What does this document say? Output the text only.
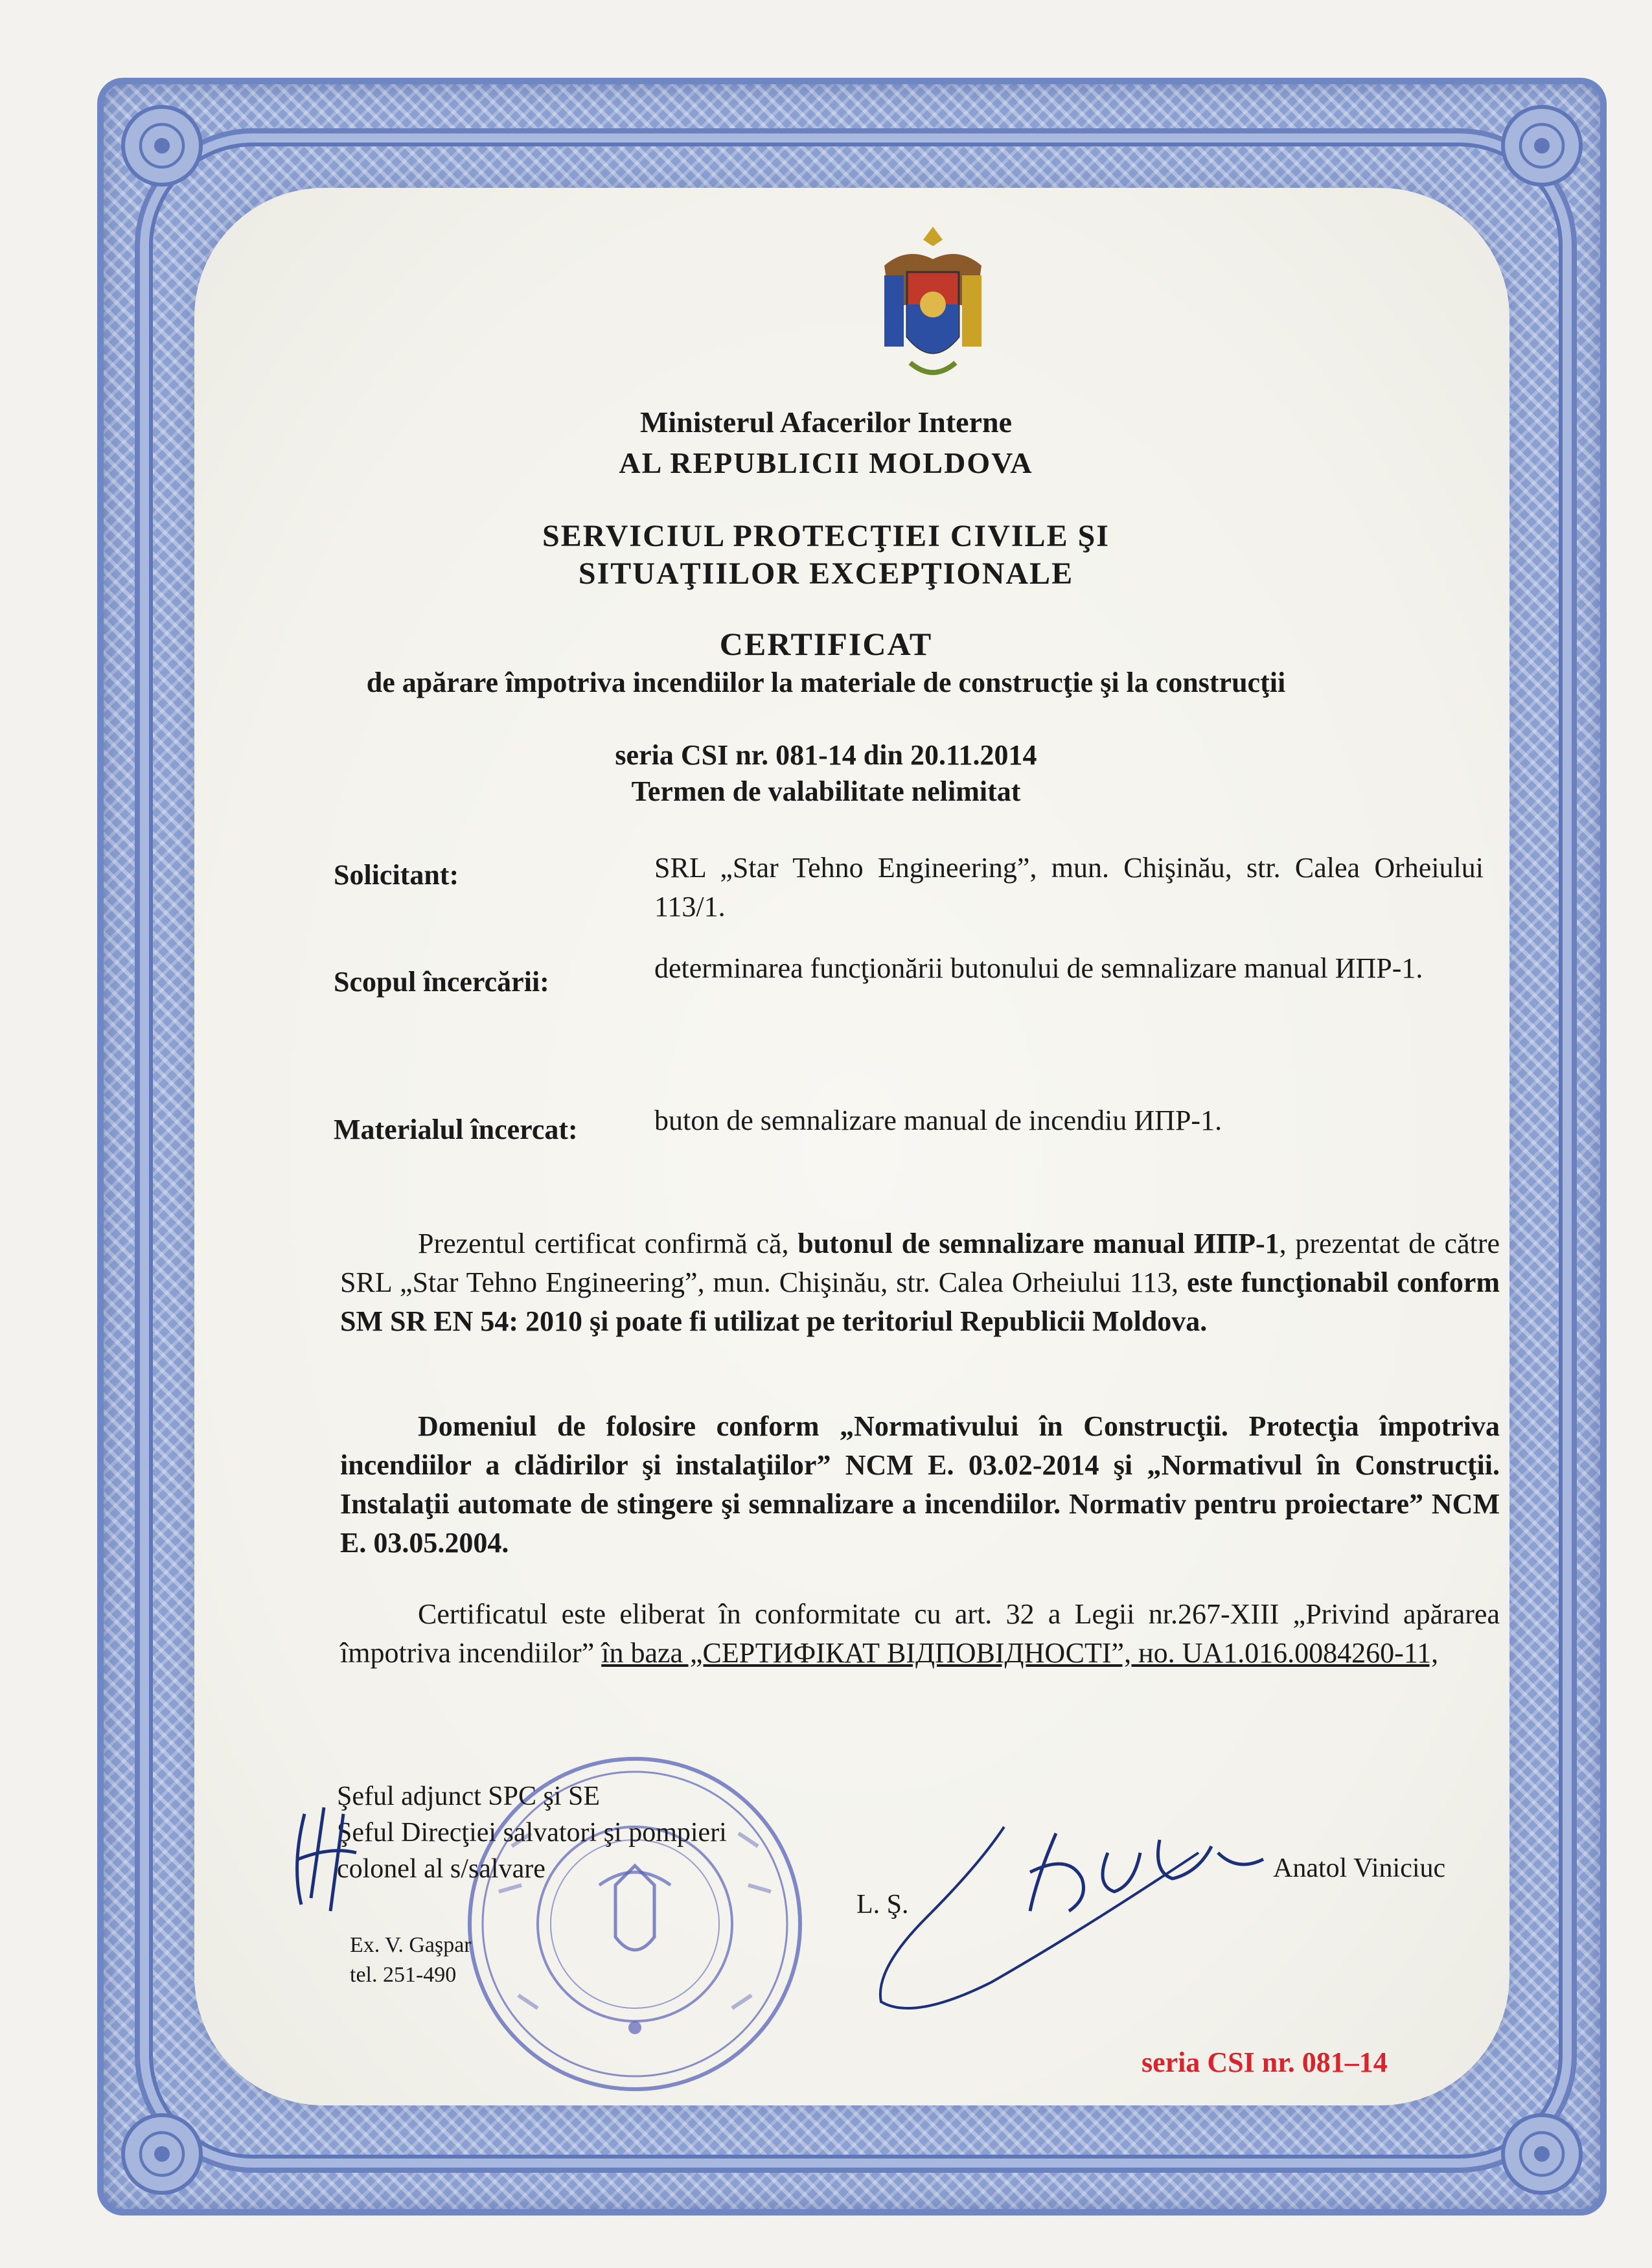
Ministerul Afacerilor Interne
AL REPUBLICII MOLDOVA
SERVICIUL PROTECŢIEI CIVILE ŞI
SITUAŢIILOR EXCEPŢIONALE
CERTIFICAT
de apărare împotriva incendiilor la materiale de construcţie şi la construcţii
seria CSI nr. 081-14 din 20.11.2014
Termen de valabilitate nelimitat
Solicitant:	SRL „Star Tehno Engineering”, mun. Chişinău, str. Calea Orheiului 113/1.
Scopul încercării:	determinarea funcţionării butonului de semnalizare manual ИПР-1.
Materialul încercat:	buton de semnalizare manual de incendiu ИПР-1.
Prezentul certificat confirmă că, butonul de semnalizare manual ИПР-1, prezentat de către SRL „Star Tehno Engineering”, mun. Chişinău, str. Calea Orheiului 113, este funcţionabil conform SM SR EN 54: 2010 şi poate fi utilizat pe teritoriul Republicii Moldova.
Domeniul de folosire conform „Normativului în Construcţii. Protecţia împotriva incendiilor a clădirilor şi instalaţiilor” NCM E. 03.02-2014 şi „Normativul în Construcţii. Instalaţii automate de stingere şi semnalizare a incendiilor. Normativ pentru proiectare” NCM E. 03.05.2004.
Certificatul este eliberat în conformitate cu art. 32 a Legii nr.267-XIII „Privind apărarea împotriva incendiilor” în baza „СЕРТИФІКАТ ВІДПОВІДНОСТІ”, но. UA1.016.0084260-11,
Şeful adjunct SPC şi SE
Şeful Direcţiei salvatori şi pompieri
colonel al s/salvare
L. Ş.
Anatol Viniciuc
Ex. V. Gaşpar
tel. 251-490
seria CSI nr. 081–14
